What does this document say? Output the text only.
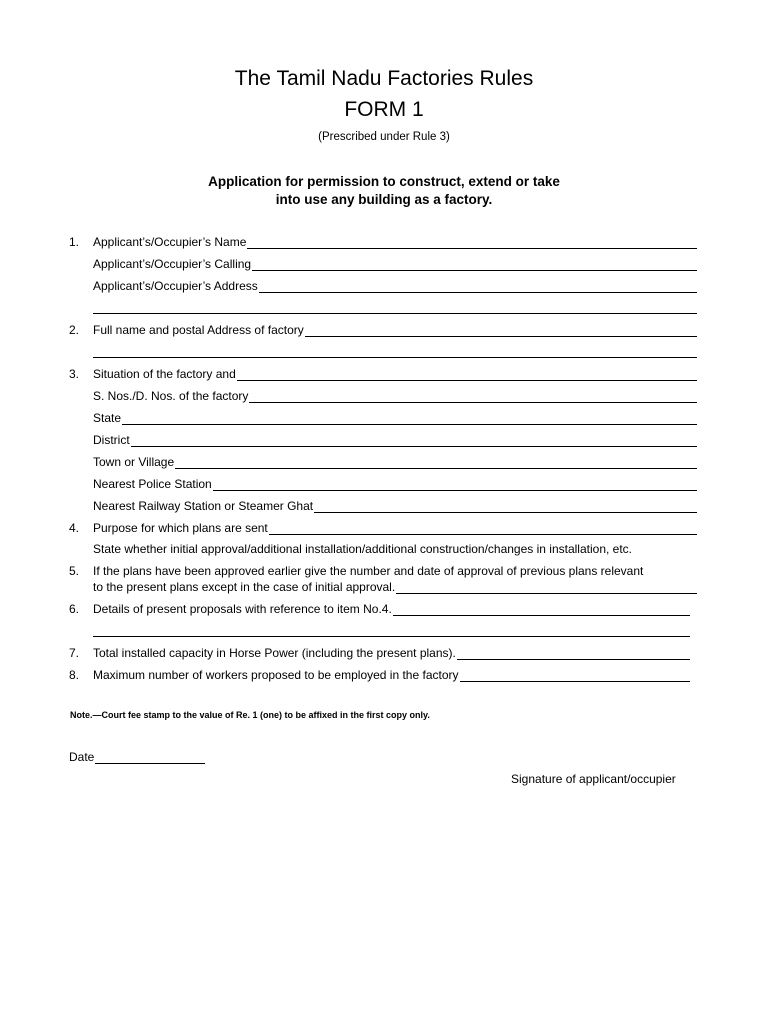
The Tamil Nadu Factories Rules
FORM 1
(Prescribed under Rule 3)
Application for permission to construct, extend or take
into use any building as a factory.
1. Applicant’s/Occupier’s Name
Applicant’s/Occupier’s Calling
Applicant’s/Occupier’s Address
2. Full name and postal Address of factory
3. Situation of the factory and
S. Nos./D. Nos. of the factory
State
District
Town or Village
Nearest Police Station
Nearest Railway Station or Steamer Ghat
4. Purpose for which plans are sent
State whether initial approval/additional installation/additional construction/changes in installation, etc.
5. If the plans have been approved earlier give the number and date of approval of previous plans relevant
to the present plans except in the case of initial approval.
6. Details of present proposals with reference to item No.4.
7. Total installed capacity in Horse Power (including the present plans).
8. Maximum number of workers proposed to be employed in the factory
Note.—Court fee stamp to the value of Re. 1 (one) to be affixed in the first copy only.
Date
Signature of applicant/occupier
